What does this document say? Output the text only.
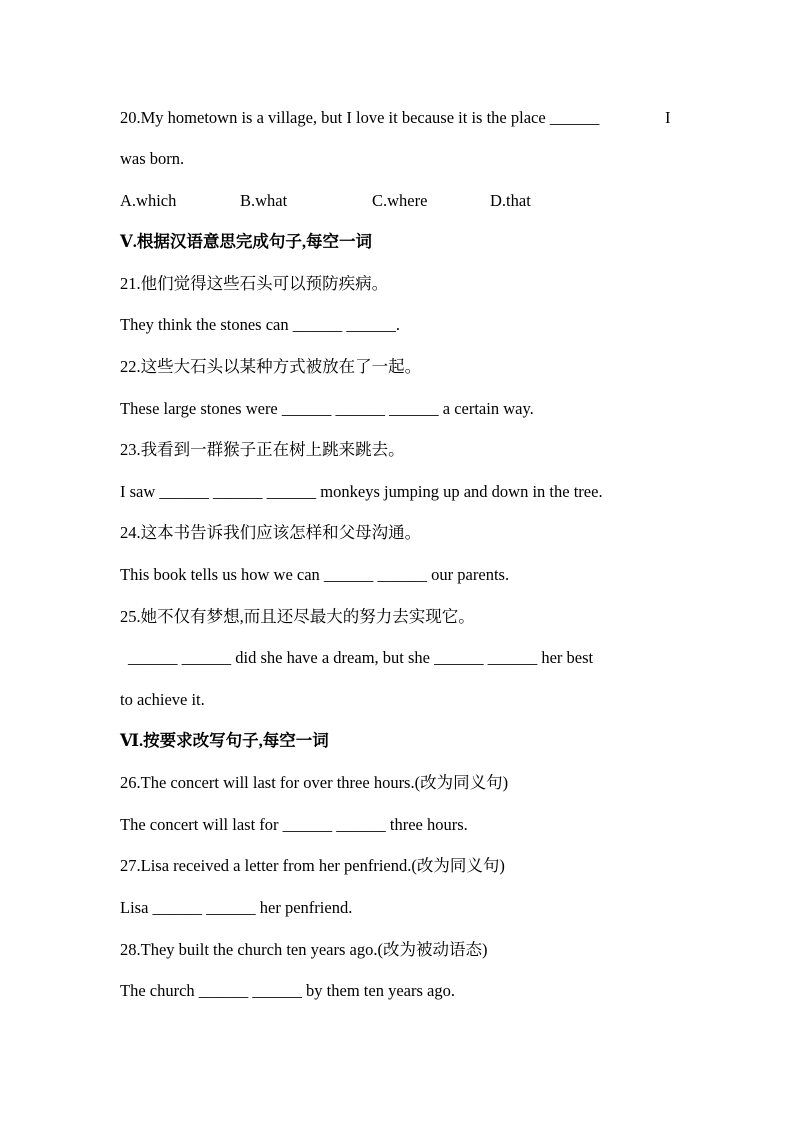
20.My hometown is a village, but I love it because it is the place ______	I
was born.
A.which	B.what	C.where	D.that
Ⅴ.根据汉语意思完成句子,每空一词
21.他们觉得这些石头可以预防疾病。
They think the stones can ______ ______.
22.这些大石头以某种方式被放在了一起。
These large stones were ______ ______ ______ a certain way.
23.我看到一群猴子正在树上跳来跳去。
I saw ______ ______ ______ monkeys jumping up and down in the tree.
24.这本书告诉我们应该怎样和父母沟通。
This book tells us how we can ______ ______ our parents.
25.她不仅有梦想,而且还尽最大的努力去实现它。
______ ______ did she have a dream, but she ______ ______ her best
to achieve it.
Ⅵ.按要求改写句子,每空一词
26.The concert will last for over three hours.(改为同义句)
The concert will last for ______ ______ three hours.
27.Lisa received a letter from her penfriend.(改为同义句)
Lisa ______ ______ her penfriend.
28.They built the church ten years ago.(改为被动语态)
The church ______ ______ by them ten years ago.
